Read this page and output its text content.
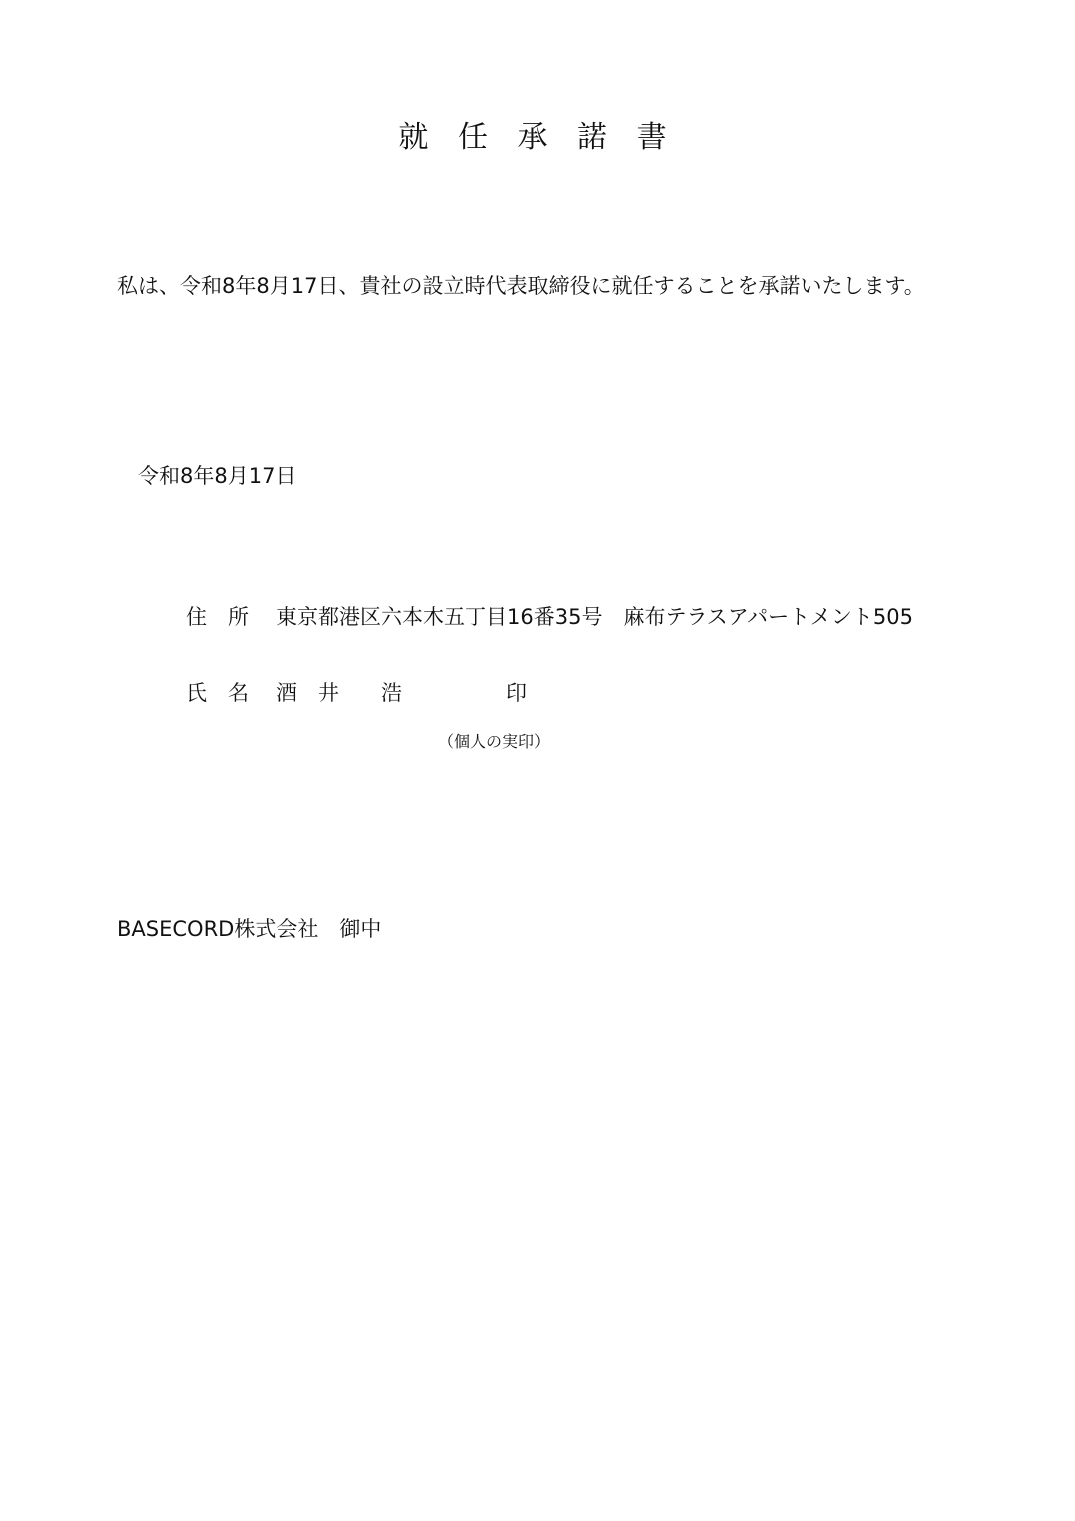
就 任 承 諾 書
私は、令和8年8月17日、貴社の設立時代表取締役に就任することを承諾いたします。
令和8年8月17日
住　所 東京都港区六本木五丁目16番35号　麻布テラスアパートメント505
氏　名 酒　井　　浩	印
（個人の実印）
BASECORD株式会社　御中
